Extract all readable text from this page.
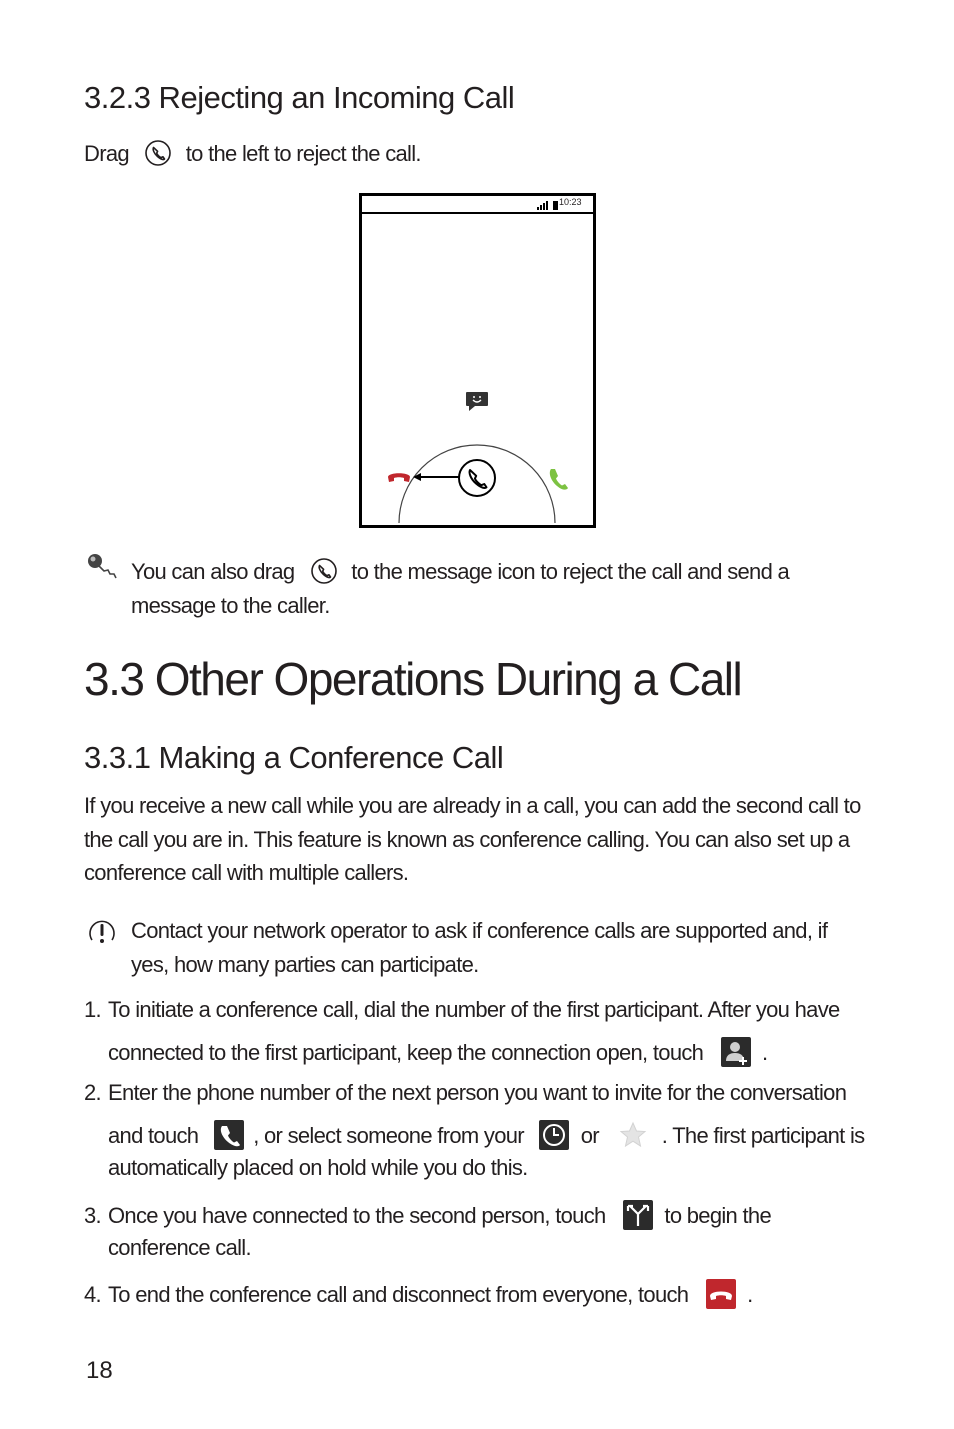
3.2.3 Rejecting an Incoming Call
Drag	to the left to reject the call.
10:23
You can also drag	to the message icon to reject the call and send a
message to the caller.
3.3 Other Operations During a Call
3.3.1 Making a Conference Call
If you receive a new call while you are already in a call, you can add the second call to the call you are in. This feature is known as conference calling. You can also set up a conference call with multiple callers.
Contact your network operator to ask if conference calls are supported and, if
yes, how many parties can participate.
1. To initiate a conference call, dial the number of the first participant. After you have
connected to the first participant, keep the connection open, touch	.
2. Enter the phone number of the next person you want to invite for the conversation
and touch , or select someone from your	or	. The first participant is
automatically placed on hold while you do this.
3. Once you have connected to the second person, touch	to begin the
conference call.
4. To end the conference call and disconnect from everyone, touch	.
18
